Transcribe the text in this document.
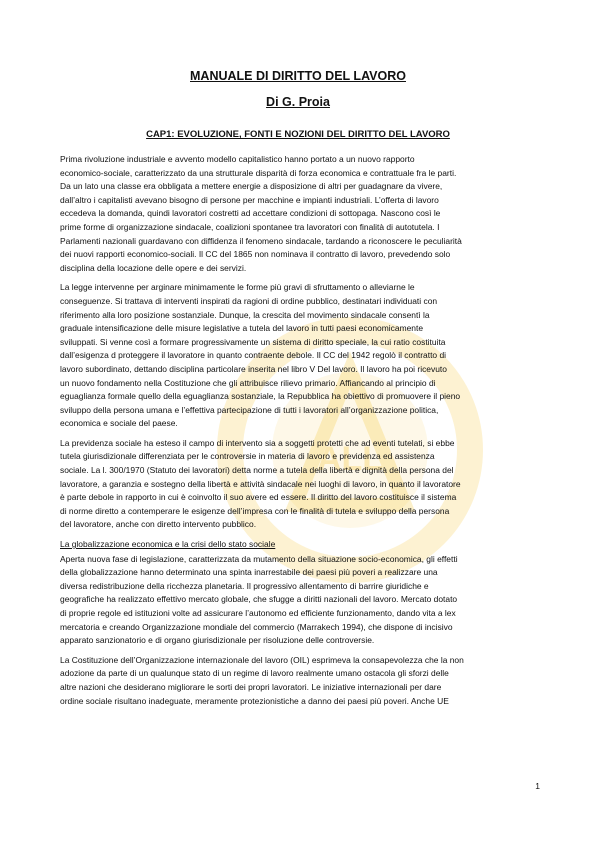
ALL
MANUALE DI DIRITTO DEL LAVORO
Di G. Proia
CAP1: EVOLUZIONE, FONTI E NOZIONI DEL DIRITTO DEL LAVORO

Prima rivoluzione industriale e avvento modello capitalistico hanno portato a un nuovo rapporto
economico-sociale, caratterizzato da una strutturale disparità di forza economica e contrattuale fra le parti.
Da un lato una classe era obbligata a mettere energie a disposizione di altri per guadagnare da vivere,
dall’altro i capitalisti avevano bisogno di persone per macchine e impianti industriali. L’offerta di lavoro
eccedeva la domanda, quindi lavoratori costretti ad accettare condizioni di sottopaga. Nascono così le
prime forme di organizzazione sindacale, coalizioni spontanee tra lavoratori con finalità di autotutela. I
Parlamenti nazionali guardavano con diffidenza il fenomeno sindacale, tardando a riconoscere le peculiarità
dei nuovi rapporti economico-sociali. Il CC del 1865 non nominava il contratto di lavoro, prevedendo solo
disciplina della locazione delle opere e dei servizi.

La legge intervenne per arginare minimamente le forme più gravi di sfruttamento o alleviarne le
conseguenze. Si trattava di interventi inspirati da ragioni di ordine pubblico, destinatari individuati con
riferimento alla loro posizione sostanziale. Dunque, la crescita del movimento sindacale consentì la
graduale intensificazione delle misure legislative a tutela del lavoro in tutti paesi economicamente
sviluppati. Si venne così a formare progressivamente un sistema di diritto speciale, la cui ratio costituita
dall’esigenza d proteggere il lavoratore in quanto contraente debole. Il CC del 1942 regolò il contratto di
lavoro subordinato, dettando disciplina particolare inserita nel libro V Del lavoro. Il lavoro ha poi ricevuto
un nuovo fondamento nella Costituzione che gli attribuisce rilievo primario. Affiancando al principio di
eguaglianza formale quello della eguaglianza sostanziale, la Repubblica ha obiettivo di promuovere il pieno
sviluppo della persona umana e l’effettiva partecipazione di tutti i lavoratori all’organizzazione politica,
economica e sociale del paese.

La previdenza sociale ha esteso il campo di intervento sia a soggetti protetti che ad eventi tutelati, si ebbe
tutela giurisdizionale differenziata per le controversie in materia di lavoro e previdenza ed assistenza
sociale. La l. 300/1970 (Statuto dei lavoratori) detta norme a tutela della libertà e dignità della persona del
lavoratore, a garanzia e sostegno della libertà e attività sindacale nei luoghi di lavoro, in quanto il lavoratore
è parte debole in rapporto in cui è coinvolto il suo avere ed essere. Il diritto del lavoro costituisce il sistema
di norme diretto a contemperare le esigenze dell’impresa con le finalità di tutela e sviluppo della persona
del lavoratore, anche con diretto intervento pubblico.

La globalizzazione economica e la crisi dello stato sociale

Aperta nuova fase di legislazione, caratterizzata da mutamento della situazione socio-economica, gli effetti
della globalizzazione hanno determinato una spinta inarrestabile dei paesi più poveri a realizzare una
diversa redistribuzione della ricchezza planetaria. Il progressivo allentamento di barrire giuridiche e
geografiche ha realizzato effettivo mercato globale, che sfugge a diritti nazionali del lavoro. Mercato dotato
di proprie regole ed istituzioni volte ad assicurare l’autonomo ed efficiente funzionamento, dando vita a lex
mercatoria e creando Organizzazione mondiale del commercio (Marrakech 1994), che dispone di incisivo
apparato sanzionatorio e di organo giurisdizionale per risoluzione delle controversie.

La Costituzione dell’Organizzazione internazionale del lavoro (OIL) esprimeva la consapevolezza che la non
adozione da parte di un qualunque stato di un regime di lavoro realmente umano ostacola gli sforzi delle
altre nazioni che desiderano migliorare le sorti dei propri lavoratori. Le iniziative internazionali per dare
ordine sociale risultano inadeguate, meramente protezionistiche a danno dei paesi più poveri. Anche UE

1
